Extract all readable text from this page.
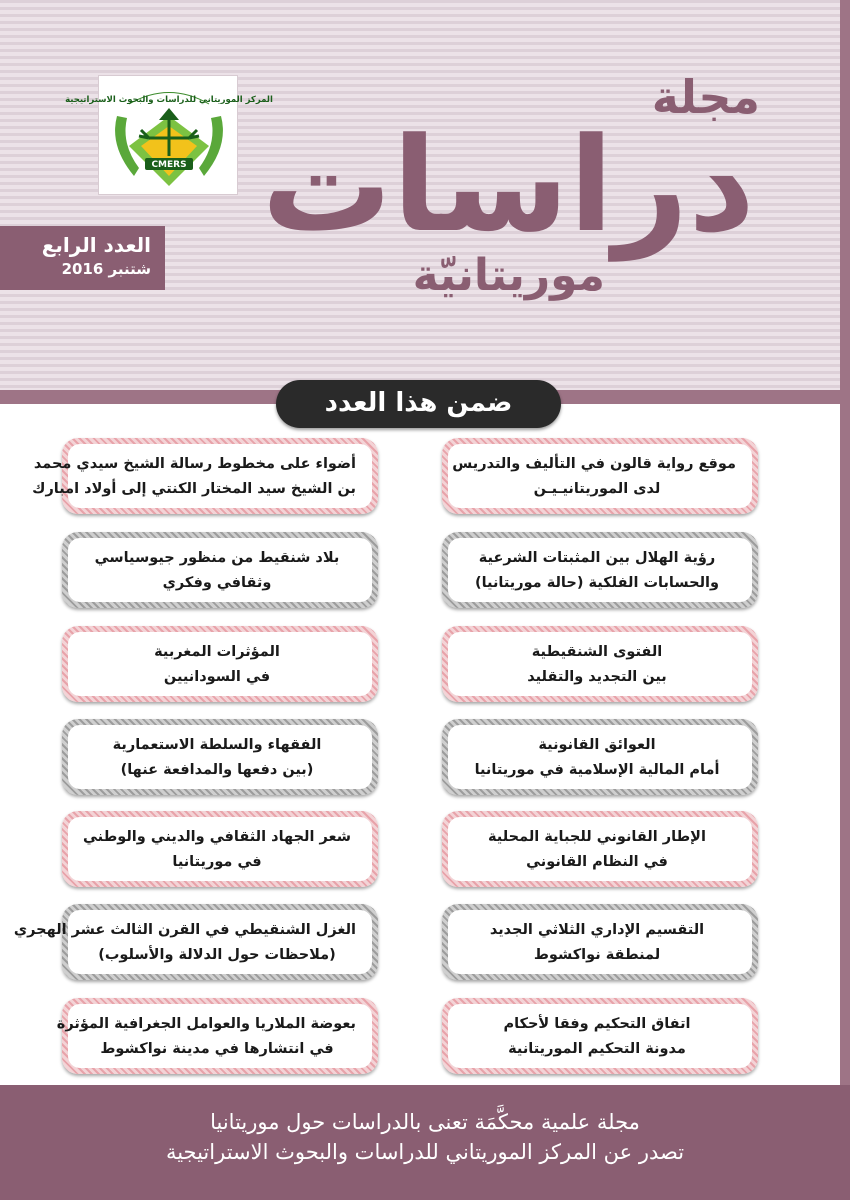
المركز الموريتاني للدراسات والبحوث الاستراتيجية
CMERS
العدد الرابع
شتنبر 2016
مجلة
دراسات
موريتانيّة
ضمن هذا العدد
موقع رواية قالون في التأليف والتدريس
لدى الموريتانيـيـن
رؤية الهلال بين المثبتات الشرعية
والحسابات الفلكية (حالة موريتانيا)
الفتوى الشنقيطية
بين التجديد والتقليد
العوائق القانونية
أمام المالية الإسلامية في موريتانيا
الإطار القانوني للجباية المحلية
في النظام القانوني
التقسيم الإداري الثلاثي الجديد
لمنطقة نواكشوط
اتفاق التحكيم وفقا لأحكام
مدونة التحكيم الموريتانية
أضواء على مخطوط رسالة الشيخ سيدي محمد
بن الشيخ سيد المختار الكنتي إلى أولاد امبارك
بلاد شنقيط من منظور جيوسياسي
وثقافي وفكري
المؤثرات المغربية
في السودانيين
الفقهاء والسلطة الاستعمارية
(بين دفعها والمدافعة عنها)
شعر الجهاد الثقافي والديني والوطني
في موريتانيا
الغزل الشنقيطي في القرن الثالث عشر الهجري
(ملاحظات حول الدلالة والأسلوب)
بعوضة الملاريا والعوامل الجغرافية المؤثرة
في انتشارها في مدينة نواكشوط
مجلة علمية محكَّمَة تعنى بالدراسات حول موريتانيا
تصدر عن المركز الموريتاني للدراسات والبحوث الاستراتيجية
